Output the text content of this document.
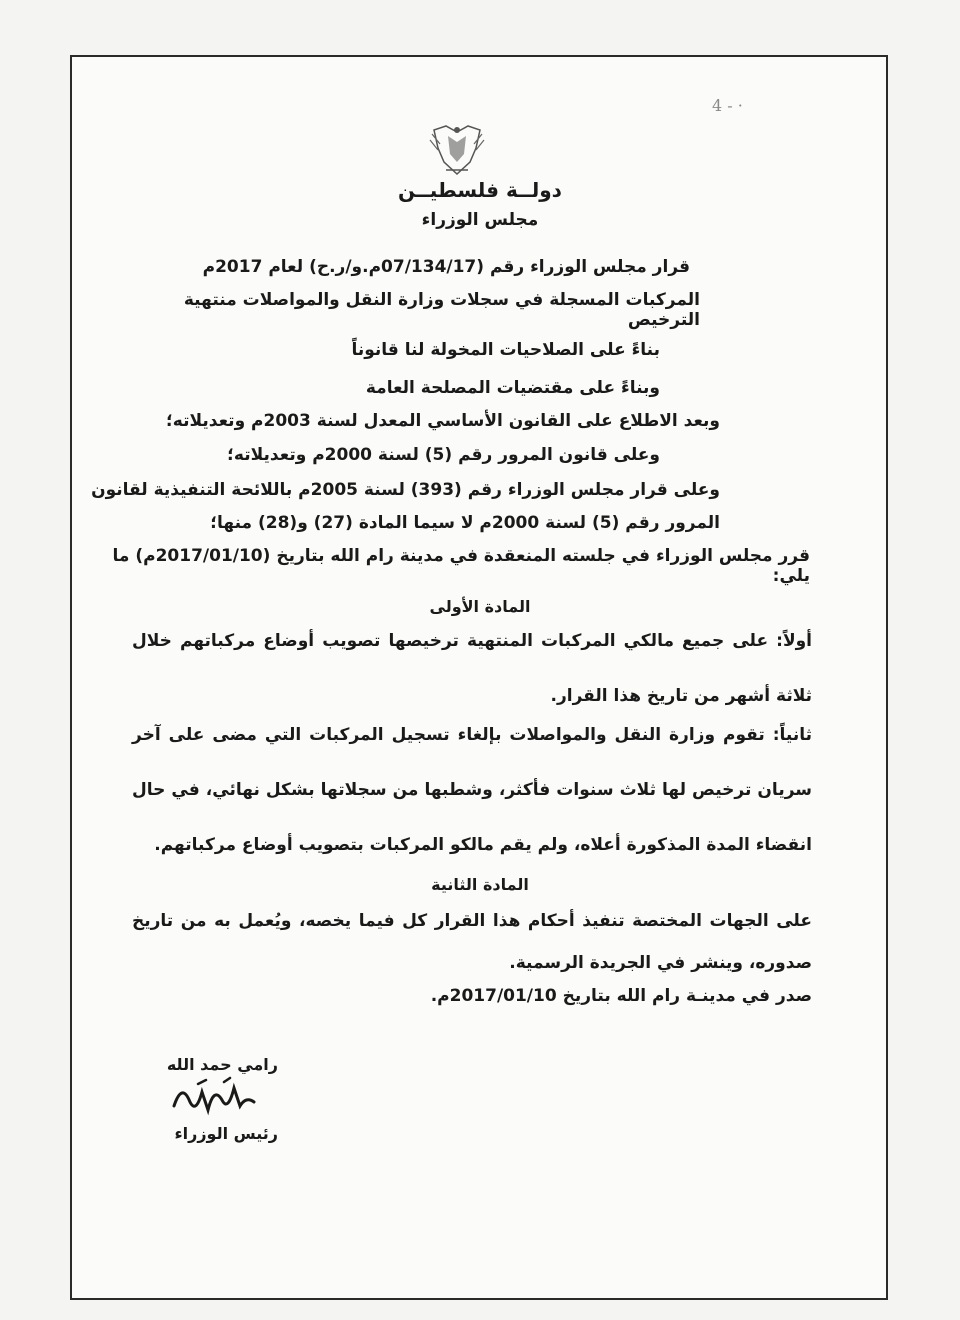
4 - ·
دولــة فلسطيــن
مجلس الوزراء
قرار مجلس الوزراء رقم (07/134/17م.و/ر.ح) لعام 2017م
المركبات المسجلة في سجلات وزارة النقل والمواصلات منتهية الترخيص
بناءً على الصلاحيات المخولة لنا قانوناً
وبناءً على مقتضيات المصلحة العامة
وبعد الاطلاع على القانون الأساسي المعدل لسنة 2003م وتعديلاته؛
وعلى قانون المرور رقم (5) لسنة 2000م وتعديلاته؛
وعلى قرار مجلس الوزراء رقم (393) لسنة 2005م باللائحة التنفيذية لقانون
المرور رقم (5) لسنة 2000م لا سيما المادة (27) و(28) منها؛
قرر مجلس الوزراء في جلسته المنعقدة في مدينة رام الله بتاريخ (2017/01/10م) ما يلي:
المادة الأولى
أولاً: على جميع مالكي المركبات المنتهية ترخيصها تصويب أوضاع مركباتهم خلال ثلاثة أشهر من تاريخ هذا القرار.
ثانياً: تقوم وزارة النقل والمواصلات بإلغاء تسجيل المركبات التي مضى على آخر سريان ترخيص لها ثلاث سنوات فأكثر، وشطبها من سجلاتها بشكل نهائي، في حال انقضاء المدة المذكورة أعلاه، ولم يقم مالكو المركبات بتصويب أوضاع مركباتهم.
المادة الثانية
على الجهات المختصة تنفيذ أحكام هذا القرار كل فيما يخصه، ويُعمل به من تاريخ صدوره، وينشر في الجريدة الرسمية.
صدر في مدينـة رام الله بتاريخ 2017/01/10م.
رامي حمد الله
رئيس الوزراء
